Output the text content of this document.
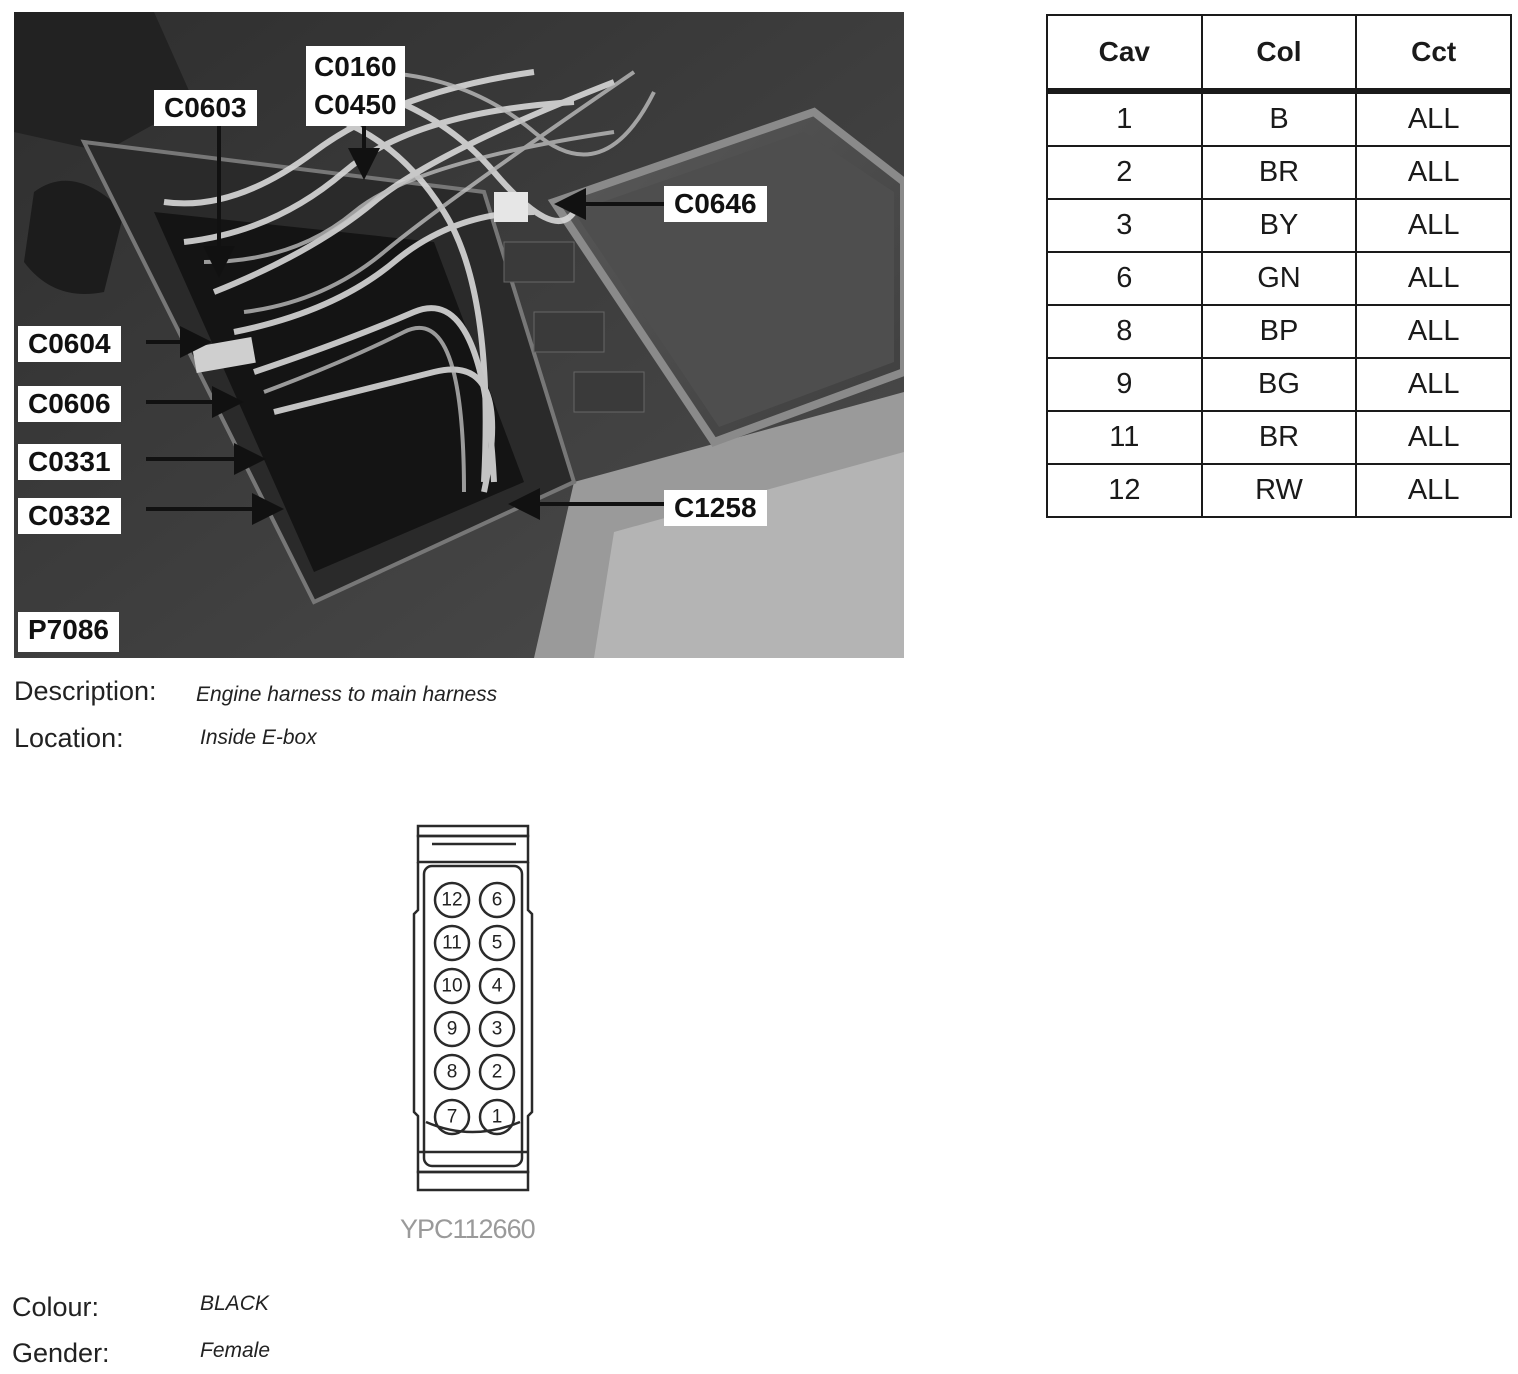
C0603
C0160
C0450
C0646
C0604
C0606
C0331
C0332	C1258
P7086
Cav	Col	Cct
1	B	ALL
2	BR	ALL
3	BY	ALL
6	GN	ALL
8	BP	ALL
9	BG	ALL
11	BR	ALL
12	RW	ALL
Description: Engine harness to main harness
Location:	Inside E-box
12 6
11 5
10 4
9 3
8 2
7 1
YPC112660
Colour:	BLACK
Gender:	Female
